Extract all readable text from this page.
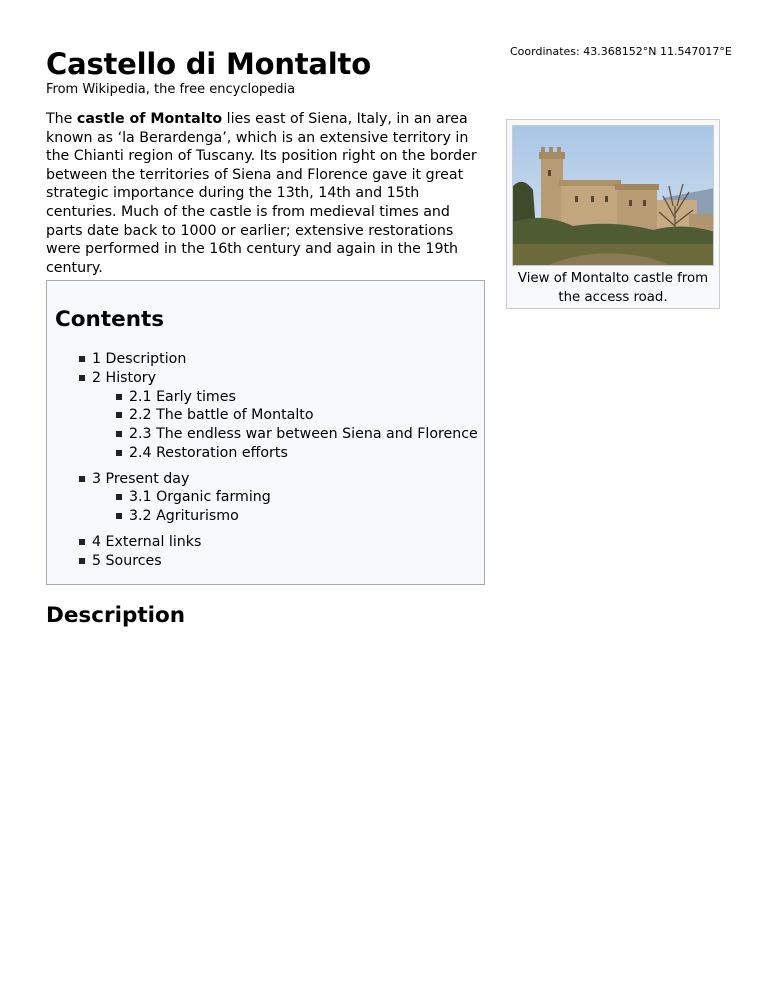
Castello di Montalto
From Wikipedia, the free encyclopedia
Coordinates: 43.368152°N 11.547017°E

The castle of Montalto lies east of Siena, Italy, in an area known as ‘la Berardenga’, which is an extensive territory in the Chianti region of Tuscany. Its position right on the border between the territories of Siena and Florence gave it great strategic importance during the 13th, 14th and 15th centuries. Much of the castle is from medieval times and parts date back to 1000 or earlier; extensive restorations were performed in the 16th century and again in the 19th century.

View of Montalto castle from the access road.
Contents
1 Description
2 History
2.1 Early times
2.2 The battle of Montalto
2.3 The endless war between Siena and Florence
2.4 Restoration efforts
3 Present day
3.1 Organic farming
3.2 Agriturismo
4 External links
5 Sources
Description
